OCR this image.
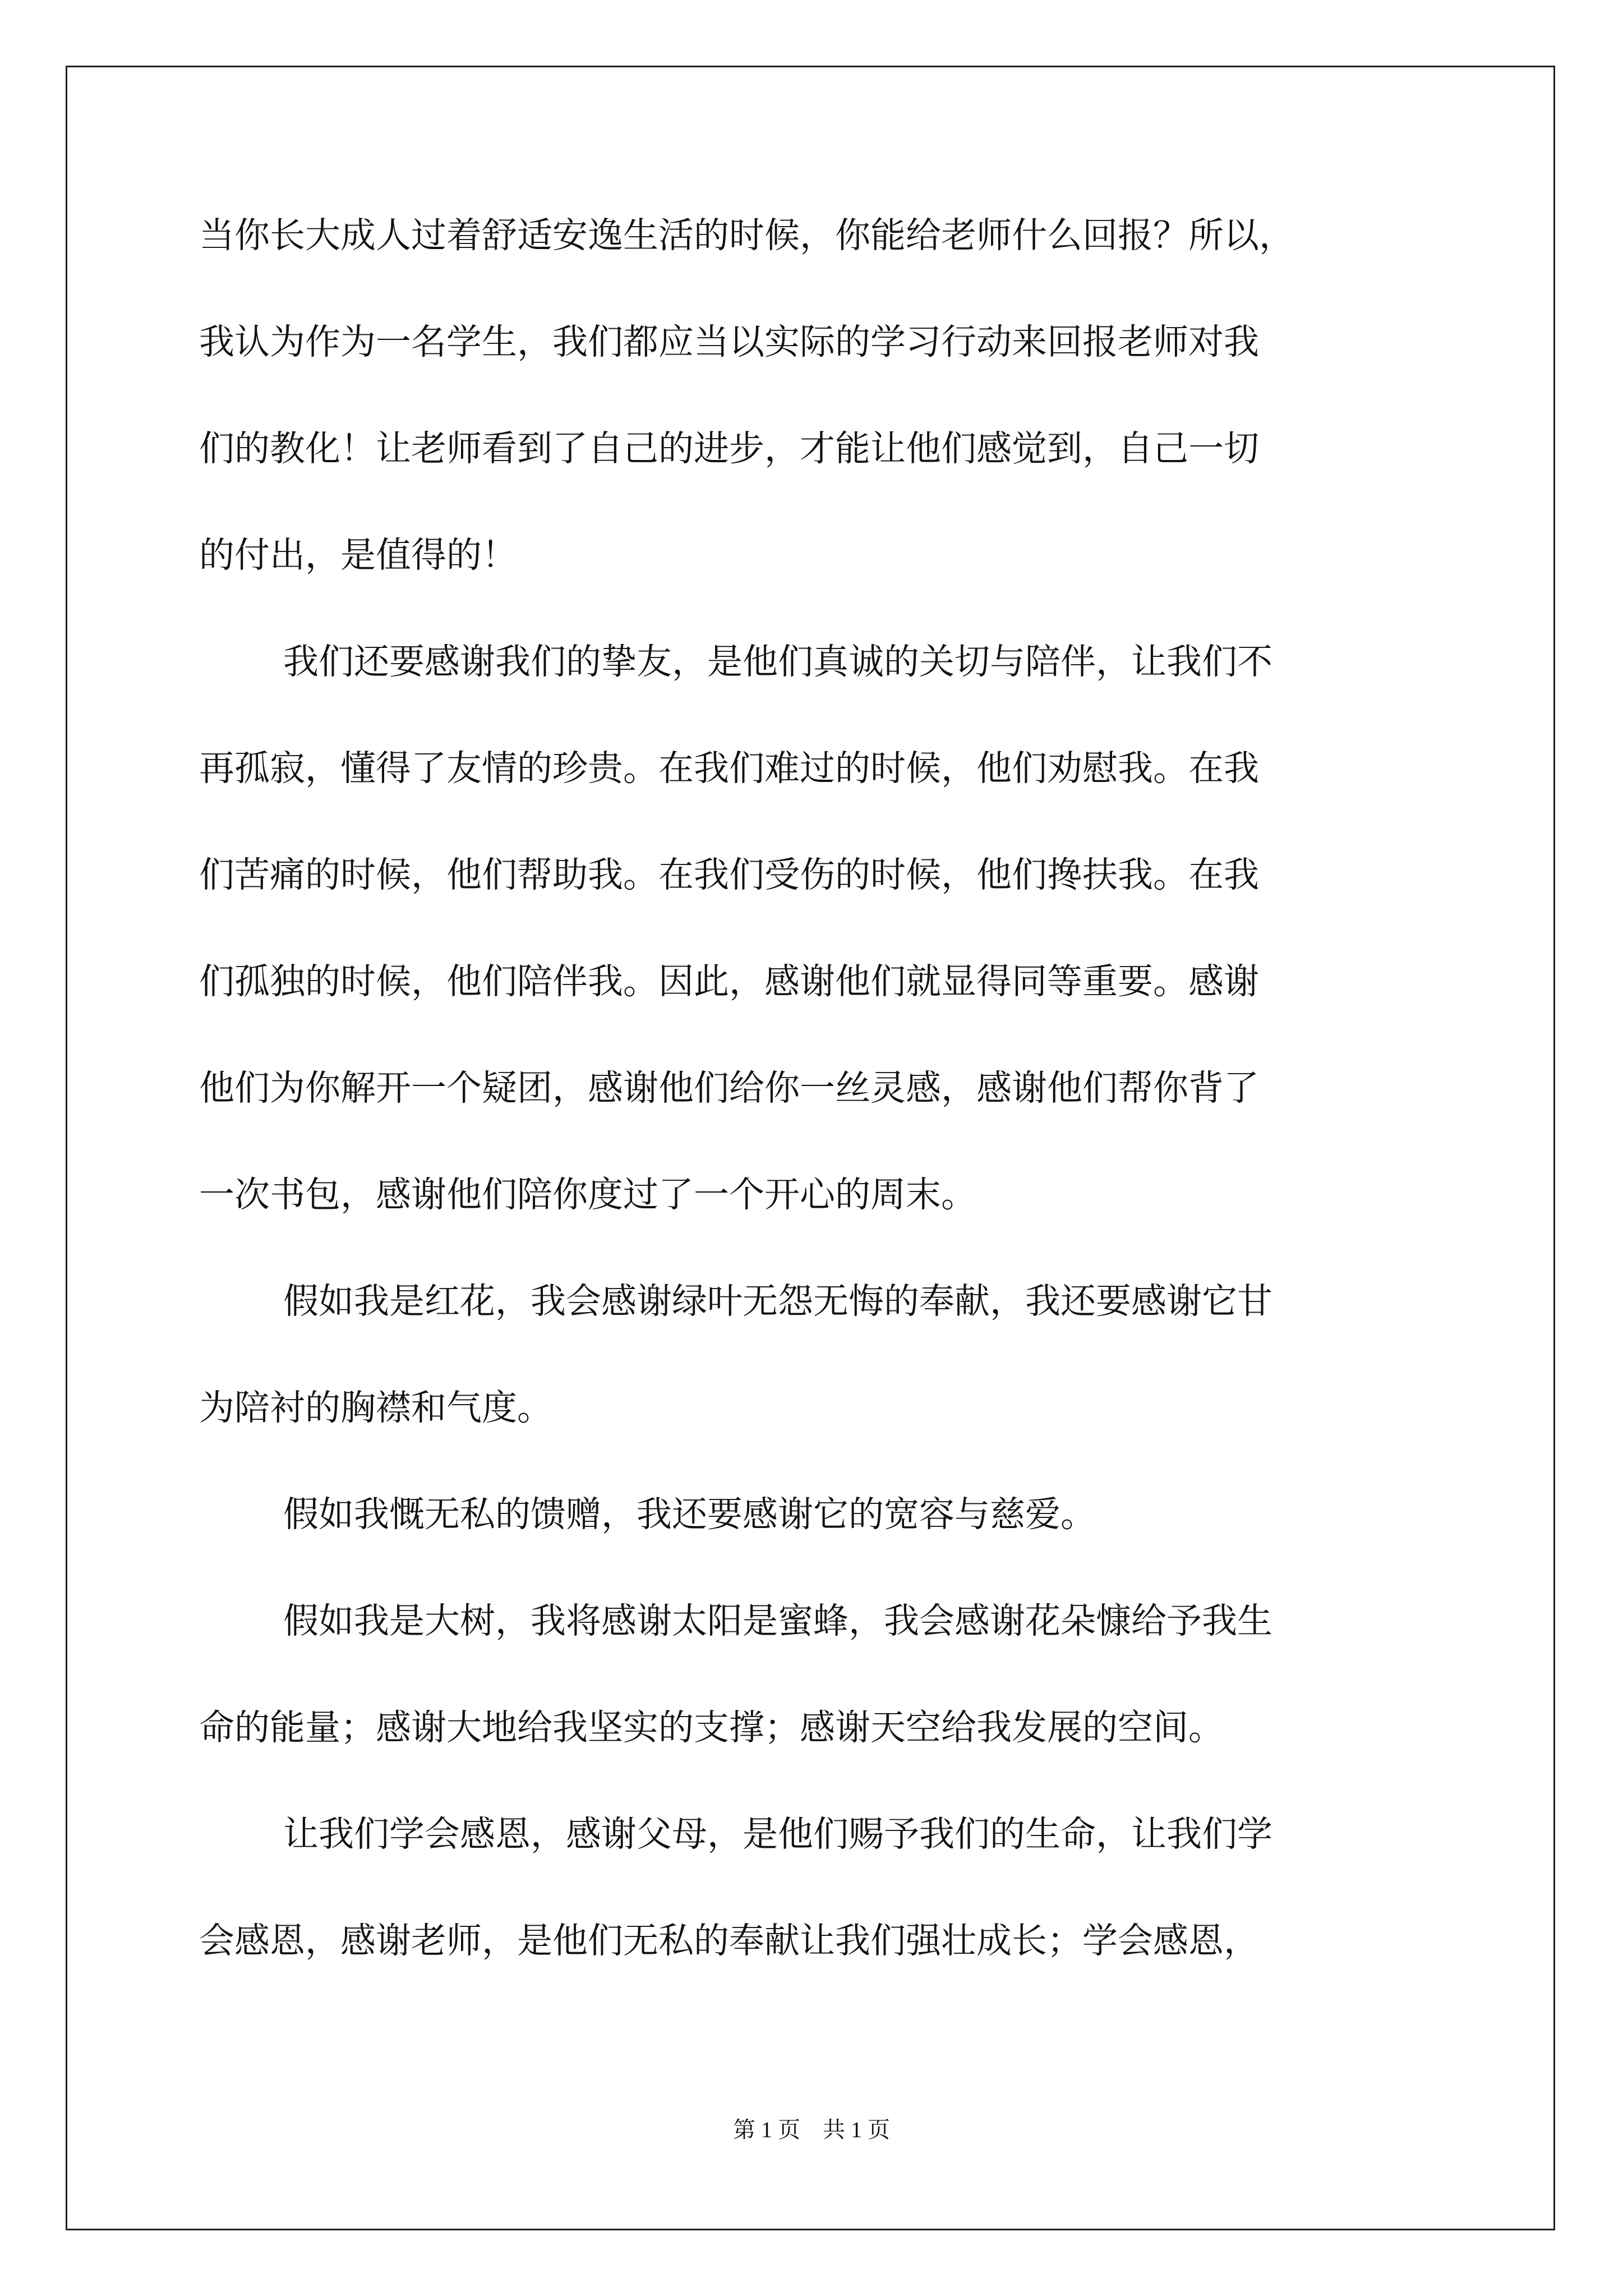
当你长大成人过着舒适安逸生活的时候，你能给老师什么回报？所以，
我认为作为一名学生，我们都应当以实际的学习行动来回报老师对我
们的教化！让老师看到了自己的进步，才能让他们感觉到，自己一切
的付出，是值得的！
我们还要感谢我们的挚友，是他们真诚的关切与陪伴，让我们不
再孤寂，懂得了友情的珍贵。在我们难过的时候，他们劝慰我。在我
们苦痛的时候，他们帮助我。在我们受伤的时候，他们搀扶我。在我
们孤独的时候，他们陪伴我。因此，感谢他们就显得同等重要。感谢
他们为你解开一个疑团，感谢他们给你一丝灵感，感谢他们帮你背了
一次书包，感谢他们陪你度过了一个开心的周末。
假如我是红花，我会感谢绿叶无怨无悔的奉献，我还要感谢它甘
为陪衬的胸襟和气度。
假如我慨无私的馈赠，我还要感谢它的宽容与慈爱。
假如我是大树，我将感谢太阳是蜜蜂，我会感谢花朵慷给予我生
命的能量；感谢大地给我坚实的支撑；感谢天空给我发展的空间。
让我们学会感恩，感谢父母，是他们赐予我们的生命，让我们学
会感恩，感谢老师，是他们无私的奉献让我们强壮成长；学会感恩，
第 1 页　共 1 页
